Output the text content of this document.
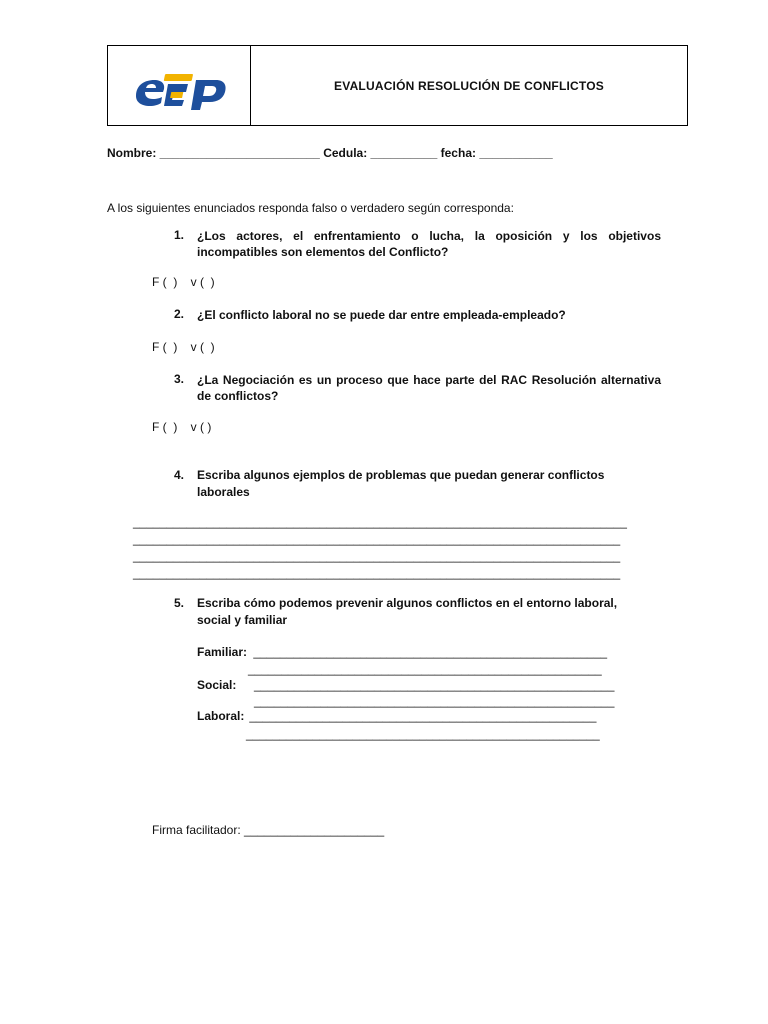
EVALUACIÓN RESOLUCIÓN DE CONFLICTOS
Nombre: ________________________ Cedula: __________ fecha: ___________
A los siguientes enunciados responda falso o verdadero según corresponda:
1. ¿Los actores, el enfrentamiento o lucha, la oposición y los objetivos incompatibles son elementos del Conflicto?
F (  )    v (  )
2. ¿El conflicto laboral no se puede dar entre empleada-empleado?
F (  )    v (  )
3. ¿La Negociación es un proceso que hace parte del RAC Resolución alternativa de conflictos?
F (  )    v ( )
4. Escriba algunos ejemplos de problemas que puedan generar conflictos
laborales
__________________________________________________________________________
_________________________________________________________________________
_________________________________________________________________________
_________________________________________________________________________
5. Escriba cómo podemos prevenir algunos conflictos en el entorno laboral,
social y familiar
Familiar: _____________________________________________________
_____________________________________________________
Social: ______________________________________________________
______________________________________________________
Laboral: ____________________________________________________
_____________________________________________________
Firma facilitador: _____________________
